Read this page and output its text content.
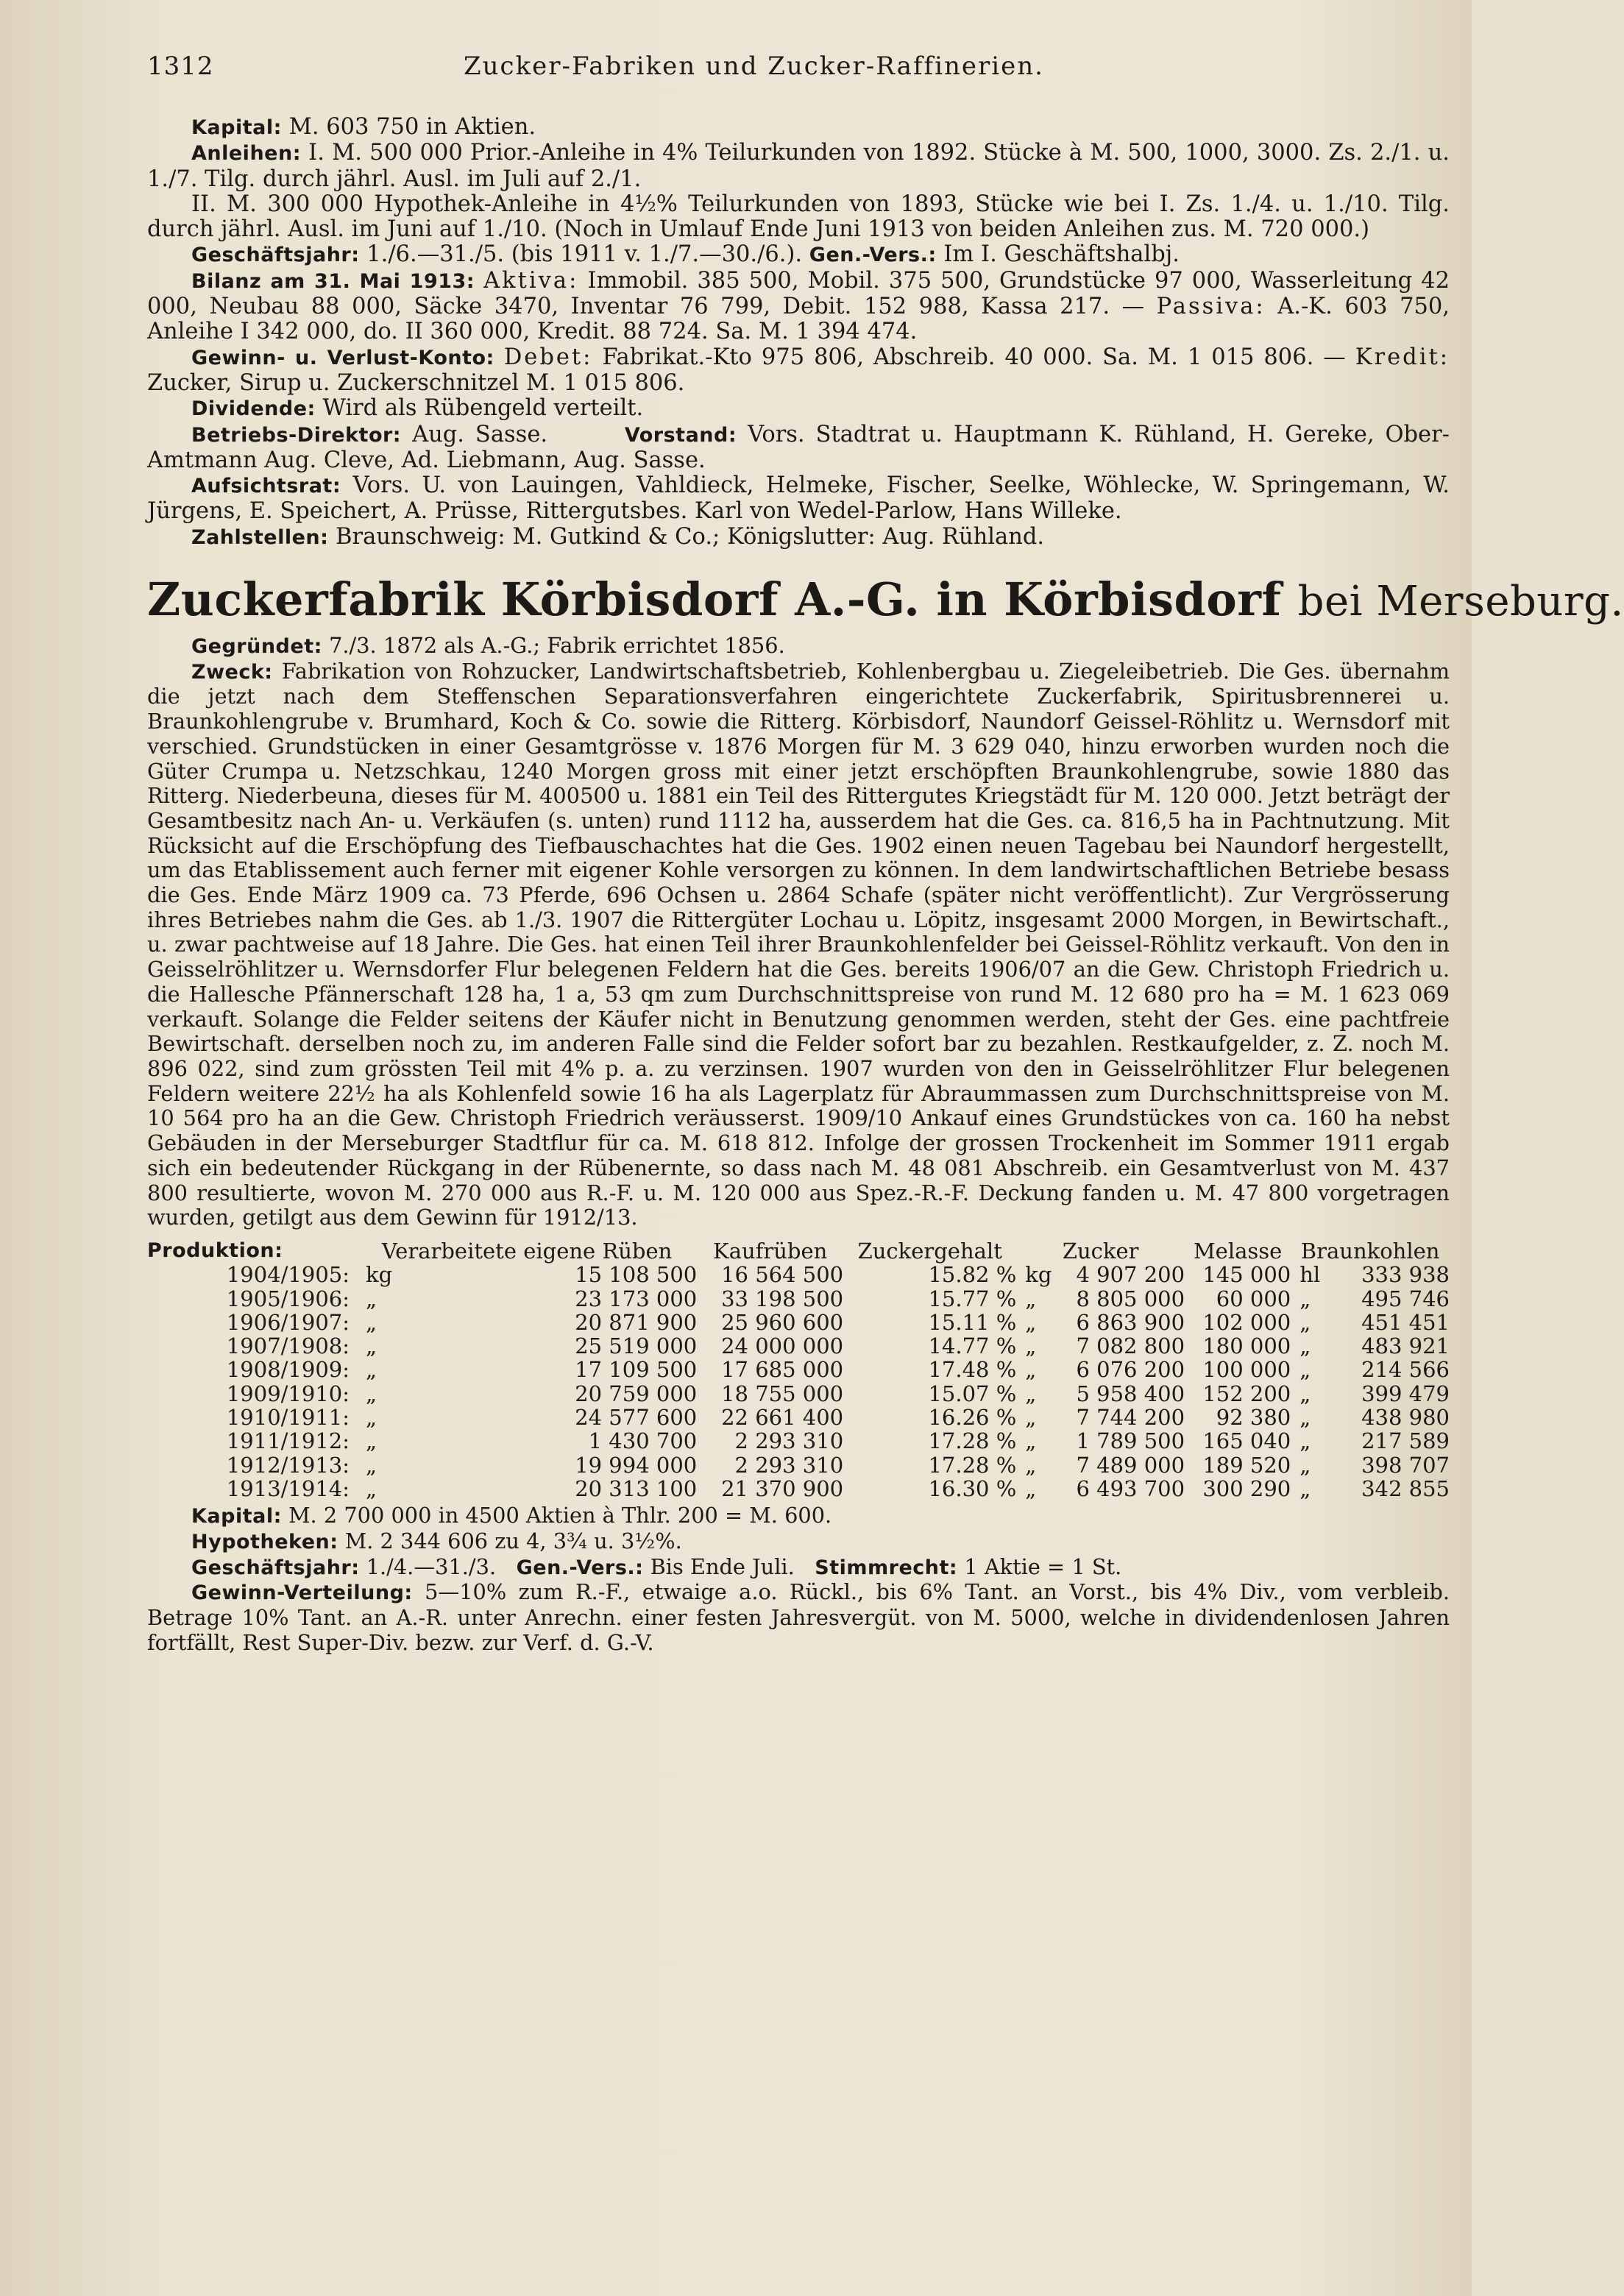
1312	Zucker-Fabriken und Zucker-Raffinerien.

Kapital: M. 603 750 in Aktien.

Anleihen: I. M. 500 000 Prior.-Anleihe in 4% Teilurkunden von 1892. Stücke à M. 500, 1000, 3000. Zs. 2./1. u. 1./7. Tilg. durch jährl. Ausl. im Juli auf 2./1.

II. M. 300 000 Hypothek-Anleihe in 4½% Teilurkunden von 1893, Stücke wie bei I. Zs. 1./4. u. 1./10. Tilg. durch jährl. Ausl. im Juni auf 1./10. (Noch in Umlauf Ende Juni 1913 von beiden Anleihen zus. M. 720 000.)

Geschäftsjahr: 1./6.—31./5. (bis 1911 v. 1./7.—30./6.). Gen.-Vers.: Im I. Geschäftshalbj.

Bilanz am 31. Mai 1913: Aktiva: Immobil. 385 500, Mobil. 375 500, Grundstücke 97 000, Wasserleitung 42 000, Neubau 88 000, Säcke 3470, Inventar 76 799, Debit. 152 988, Kassa 217. — Passiva: A.-K. 603 750, Anleihe I 342 000, do. II 360 000, Kredit. 88 724. Sa. M. 1 394 474.

Gewinn- u. Verlust-Konto: Debet: Fabrikat.-Kto 975 806, Abschreib. 40 000. Sa. M. 1 015 806. — Kredit: Zucker, Sirup u. Zuckerschnitzel M. 1 015 806.

Dividende: Wird als Rübengeld verteilt.

Betriebs-Direktor: Aug. Sasse.	Vorstand: Vors. Stadtrat u. Hauptmann K. Rühland, H. Gereke, Ober-Amtmann Aug. Cleve, Ad. Liebmann, Aug. Sasse.

Aufsichtsrat: Vors. U. von Lauingen, Vahldieck, Helmeke, Fischer, Seelke, Wöhlecke, W. Springemann, W. Jürgens, E. Speichert, A. Prüsse, Rittergutsbes. Karl von Wedel-Parlow, Hans Willeke.

Zahlstellen: Braunschweig: M. Gutkind & Co.; Königslutter: Aug. Rühland.

Zuckerfabrik Körbisdorf A.-G. in Körbisdorf bei Merseburg.

Gegründet: 7./3. 1872 als A.-G.; Fabrik errichtet 1856.

Zweck: Fabrikation von Rohzucker, Landwirtschaftsbetrieb, Kohlenbergbau u. Ziegeleibetrieb. Die Ges. übernahm die jetzt nach dem Steffenschen Separationsverfahren eingerichtete Zuckerfabrik, Spiritusbrennerei u. Braunkohlengrube v. Brumhard, Koch & Co. sowie die Ritterg. Körbisdorf, Naundorf Geissel-Röhlitz u. Wernsdorf mit verschied. Grundstücken in einer Gesamtgrösse v. 1876 Morgen für M. 3 629 040, hinzu erworben wurden noch die Güter Crumpa u. Netzschkau, 1240 Morgen gross mit einer jetzt erschöpften Braunkohlengrube, sowie 1880 das Ritterg. Niederbeuna, dieses für M. 400500 u. 1881 ein Teil des Rittergutes Kriegstädt für M. 120 000. Jetzt beträgt der Gesamtbesitz nach An- u. Verkäufen (s. unten) rund 1112 ha, ausserdem hat die Ges. ca. 816,5 ha in Pachtnutzung. Mit Rücksicht auf die Erschöpfung des Tiefbauschachtes hat die Ges. 1902 einen neuen Tagebau bei Naundorf hergestellt, um das Etablissement auch ferner mit eigener Kohle versorgen zu können. In dem landwirtschaftlichen Betriebe besass die Ges. Ende März 1909 ca. 73 Pferde, 696 Ochsen u. 2864 Schafe (später nicht veröffentlicht). Zur Vergrösserung ihres Betriebes nahm die Ges. ab 1./3. 1907 die Rittergüter Lochau u. Löpitz, insgesamt 2000 Morgen, in Bewirtschaft., u. zwar pachtweise auf 18 Jahre. Die Ges. hat einen Teil ihrer Braunkohlenfelder bei Geissel-Röhlitz verkauft. Von den in Geisselröhlitzer u. Wernsdorfer Flur belegenen Feldern hat die Ges. bereits 1906/07 an die Gew. Christoph Friedrich u. die Hallesche Pfännerschaft 128 ha, 1 a, 53 qm zum Durchschnittspreise von rund M. 12 680 pro ha = M. 1 623 069 verkauft. Solange die Felder seitens der Käufer nicht in Benutzung genommen werden, steht der Ges. eine pachtfreie Bewirtschaft. derselben noch zu, im anderen Falle sind die Felder sofort bar zu bezahlen. Restkaufgelder, z. Z. noch M. 896 022, sind zum grössten Teil mit 4% p. a. zu verzinsen. 1907 wurden von den in Geisselröhlitzer Flur belegenen Feldern weitere 22½ ha als Kohlenfeld sowie 16 ha als Lagerplatz für Abraummassen zum Durchschnittspreise von M. 10 564 pro ha an die Gew. Christoph Friedrich veräusserst. 1909/10 Ankauf eines Grundstückes von ca. 160 ha nebst Gebäuden in der Merseburger Stadtflur für ca. M. 618 812. Infolge der grossen Trockenheit im Sommer 1911 ergab sich ein bedeutender Rückgang in der Rübenernte, so dass nach M. 48 081 Abschreib. ein Gesamtverlust von M. 437 800 resultierte, wovon M. 270 000 aus R.-F. u. M. 120 000 aus Spez.-R.-F. Deckung fanden u. M. 47 800 vorgetragen wurden, getilgt aus dem Gewinn für 1912/13.

Produktion:	Verarbeitete eigene Rüben		Kaufrüben	Zuckergehalt	Zucker		Melasse	Braunkohlen	
1904/1905:	kg	15 108 500	16 564 500	15.82 %	kg	4 907 200	145 000	hl	333 938
1905/1906:	„	23 173 000	33 198 500	15.77 %	„	8 805 000	60 000	„	495 746
1906/1907:	„	20 871 900	25 960 600	15.11 %	„	6 863 900	102 000	„	451 451
1907/1908:	„	25 519 000	24 000 000	14.77 %	„	7 082 800	180 000	„	483 921
1908/1909:	„	17 109 500	17 685 000	17.48 %	„	6 076 200	100 000	„	214 566
1909/1910:	„	20 759 000	18 755 000	15.07 %	„	5 958 400	152 200	„	399 479
1910/1911:	„	24 577 600	22 661 400	16.26 %	„	7 744 200	92 380	„	438 980
1911/1912:	„	1 430 700	2 293 310	17.28 %	„	1 789 500	165 040	„	217 589
1912/1913:	„	19 994 000	2 293 310	17.28 %	„	7 489 000	189 520	„	398 707
1913/1914:	„	20 313 100	21 370 900	16.30 %	„	6 493 700	300 290	„	342 855

Kapital: M. 2 700 000 in 4500 Aktien à Thlr. 200 = M. 600.

Hypotheken: M. 2 344 606 zu 4, 3¾ u. 3½%.

Geschäftsjahr: 1./4.—31./3. Gen.-Vers.: Bis Ende Juli. Stimmrecht: 1 Aktie = 1 St.

Gewinn-Verteilung: 5—10% zum R.-F., etwaige a.o. Rückl., bis 6% Tant. an Vorst., bis 4% Div., vom verbleib. Betrage 10% Tant. an A.-R. unter Anrechn. einer festen Jahresvergüt. von M. 5000, welche in dividendenlosen Jahren fortfällt, Rest Super-Div. bezw. zur Verf. d. G.-V.
